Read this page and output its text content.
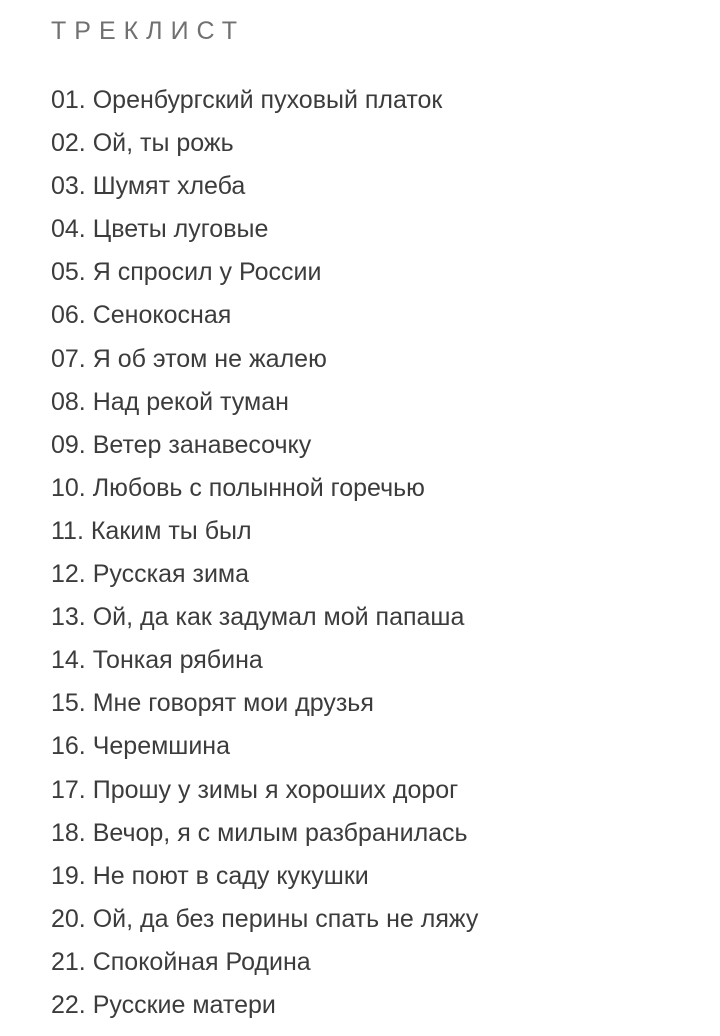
ТРЕКЛИСТ
01. Оренбургский пуховый платок
02. Ой, ты рожь
03. Шумят хлеба
04. Цветы луговые
05. Я спросил у России
06. Сенокосная
07. Я об этом не жалею
08. Над рекой туман
09. Ветер занавесочку
10. Любовь с полынной горечью
11. Каким ты был
12. Русская зима
13. Ой, да как задумал мой папаша
14. Тонкая рябина
15. Мне говорят мои друзья
16. Черемшина
17. Прошу у зимы я хороших дорог
18. Вечор, я с милым разбранилась
19. Не поют в саду кукушки
20. Ой, да без перины спать не ляжу
21. Спокойная Родина
22. Русские матери
